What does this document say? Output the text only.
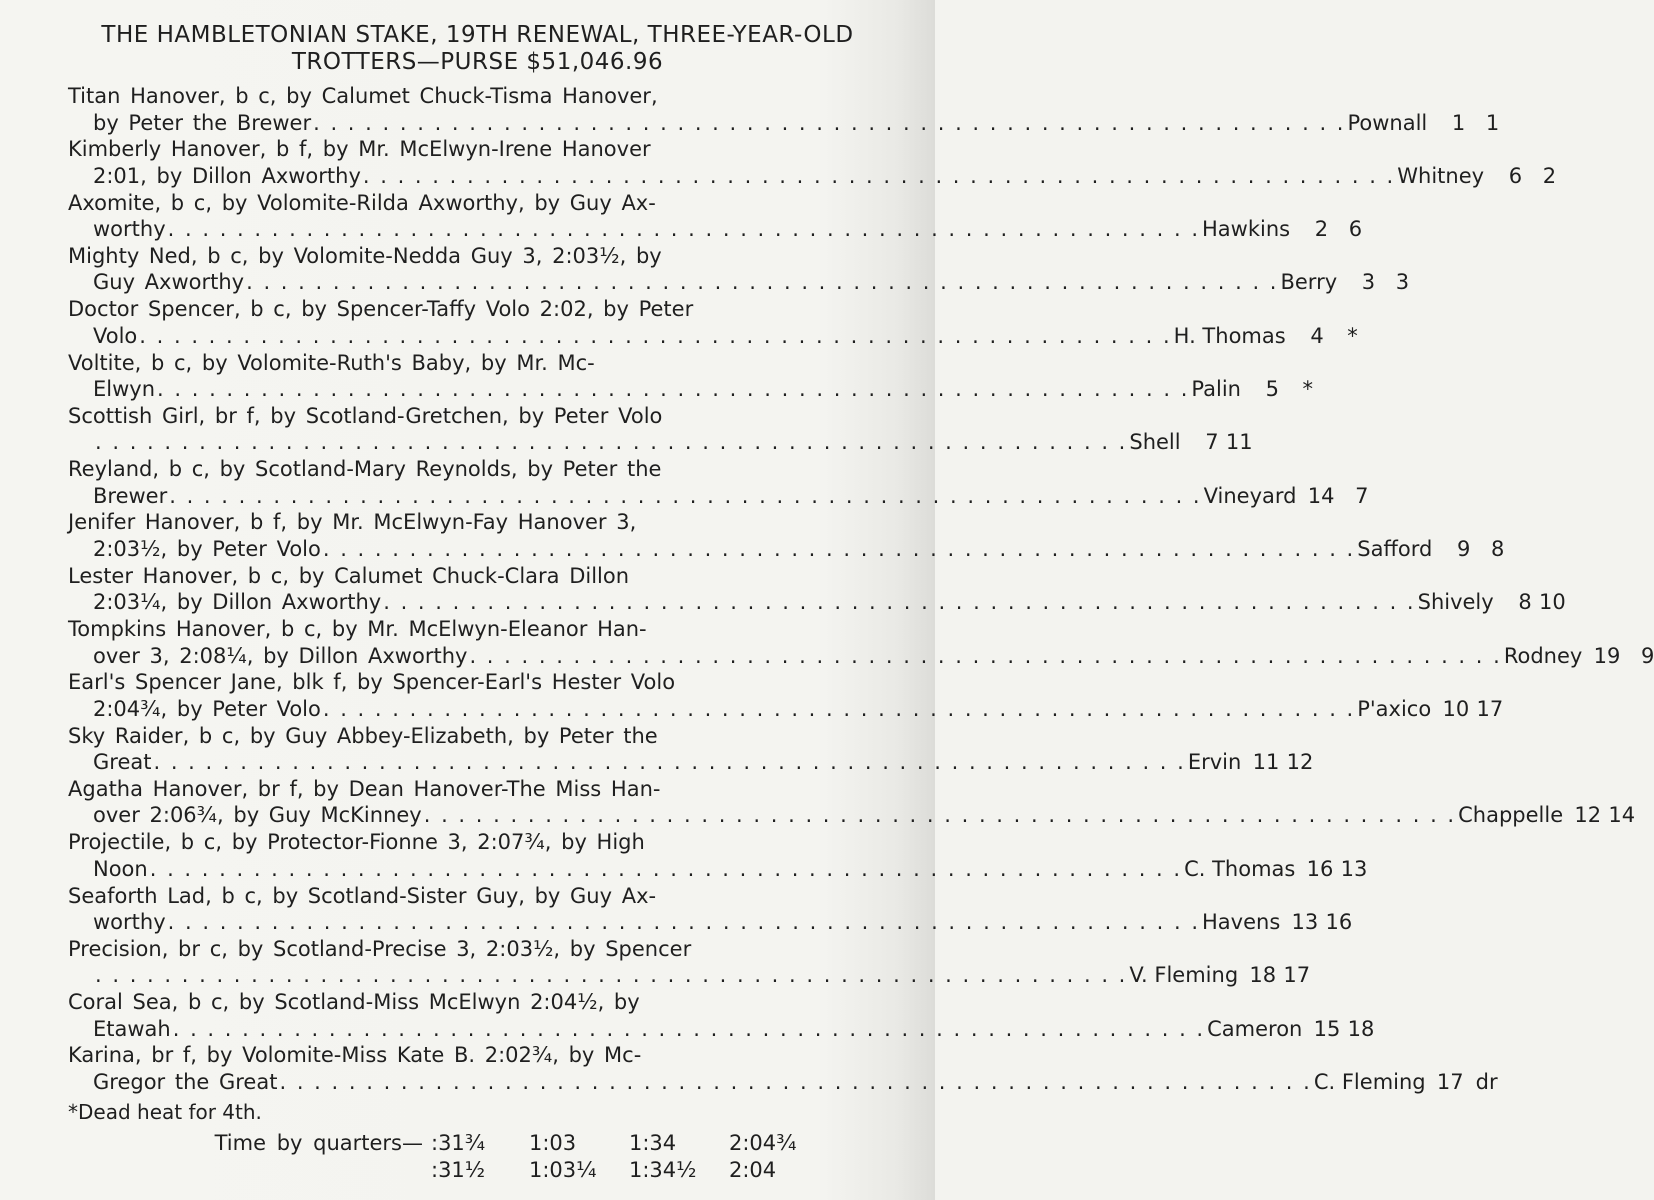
THE HAMBLETONIAN STAKE, 19TH RENEWAL, THREE-YEAR-OLD
TROTTERS—PURSE $51,046.96
Titan Hanover, b c, by Calumet Chuck-Tisma Hanover,
by Peter the Brewer . . . . . . . . . . . . . . . . . . . . . . . . . . . . . . . . . . . . . . . . . . . . . . . . . . . . . . . . . . . . Pownall	1 1
Kimberly Hanover, b f, by Mr. McElwyn-Irene Hanover
2:01, by Dillon Axworthy . . . . . . . . . . . . . . . . . . . . . . . . . . . . . . . . . . . . . . . . . . . . . . . . . . . . . . . . . . . . Whitney	6 2
Axomite, b c, by Volomite-Rilda Axworthy, by Guy Ax-
worthy . . . . . . . . . . . . . . . . . . . . . . . . . . . . . . . . . . . . . . . . . . . . . . . . . . . . . . . . . . . . Hawkins	2 6
Mighty Ned, b c, by Volomite-Nedda Guy 3, 2:03½, by
Guy Axworthy . . . . . . . . . . . . . . . . . . . . . . . . . . . . . . . . . . . . . . . . . . . . . . . . . . . . . . . . . . . . Berry	3 3
Doctor Spencer, b c, by Spencer-Taffy Volo 2:02, by Peter
Volo . . . . . . . . . . . . . . . . . . . . . . . . . . . . . . . . . . . . . . . . . . . . . . . . . . . . . . . . . . . . H. Thomas	4	*
Voltite, b c, by Volomite-Ruth's Baby, by Mr. Mc-
Elwyn . . . . . . . . . . . . . . . . . . . . . . . . . . . . . . . . . . . . . . . . . . . . . . . . . . . . . . . . . . . . Palin	5	*
Scottish Girl, br f, by Scotland-Gretchen, by Peter Volo
. . . . . . . . . . . . . . . . . . . . . . . . . . . . . . . . . . . . . . . . . . . . . . . . . . . . . . . . . . . . Shell	7 11
Reyland, b c, by Scotland-Mary Reynolds, by Peter the
Brewer . . . . . . . . . . . . . . . . . . . . . . . . . . . . . . . . . . . . . . . . . . . . . . . . . . . . . . . . . . . . Vineyard 14 7
Jenifer Hanover, b f, by Mr. McElwyn-Fay Hanover 3,
2:03½, by Peter Volo . . . . . . . . . . . . . . . . . . . . . . . . . . . . . . . . . . . . . . . . . . . . . . . . . . . . . . . . . . . . Safford	9 8
Lester Hanover, b c, by Calumet Chuck-Clara Dillon
2:03¼, by Dillon Axworthy . . . . . . . . . . . . . . . . . . . . . . . . . . . . . . . . . . . . . . . . . . . . . . . . . . . . . . . . . . . . Shively	8 10
Tompkins Hanover, b c, by Mr. McElwyn-Eleanor Han-
over 3, 2:08¼, by Dillon Axworthy . . . . . . . . . . . . . . . . . . . . . . . . . . . . . . . . . . . . . . . . . . . . . . . . . . . . . . . . . . . . Rodney 19 9
Earl's Spencer Jane, blk f, by Spencer-Earl's Hester Volo
2:04¾, by Peter Volo . . . . . . . . . . . . . . . . . . . . . . . . . . . . . . . . . . . . . . . . . . . . . . . . . . . . . . . . . . . . P'axico 10 17
Sky Raider, b c, by Guy Abbey-Elizabeth, by Peter the
Great . . . . . . . . . . . . . . . . . . . . . . . . . . . . . . . . . . . . . . . . . . . . . . . . . . . . . . . . . . . . Ervin 11 12
Agatha Hanover, br f, by Dean Hanover-The Miss Han-
over 2:06¾, by Guy McKinney . . . . . . . . . . . . . . . . . . . . . . . . . . . . . . . . . . . . . . . . . . . . . . . . . . . . . . . . . . . . Chappelle 12 14
Projectile, b c, by Protector-Fionne 3, 2:07¾, by High
Noon . . . . . . . . . . . . . . . . . . . . . . . . . . . . . . . . . . . . . . . . . . . . . . . . . . . . . . . . . . . . C. Thomas 16 13
Seaforth Lad, b c, by Scotland-Sister Guy, by Guy Ax-
worthy . . . . . . . . . . . . . . . . . . . . . . . . . . . . . . . . . . . . . . . . . . . . . . . . . . . . . . . . . . . . Havens 13 16
Precision, br c, by Scotland-Precise 3, 2:03½, by Spencer
. . . . . . . . . . . . . . . . . . . . . . . . . . . . . . . . . . . . . . . . . . . . . . . . . . . . . . . . . . . . V. Fleming 18 17
Coral Sea, b c, by Scotland-Miss McElwyn 2:04½, by
Etawah . . . . . . . . . . . . . . . . . . . . . . . . . . . . . . . . . . . . . . . . . . . . . . . . . . . . . . . . . . . . Cameron 15 18
Karina, br f, by Volomite-Miss Kate B. 2:02¾, by Mc-
Gregor the Great . . . . . . . . . . . . . . . . . . . . . . . . . . . . . . . . . . . . . . . . . . . . . . . . . . . . . . . . . . . . C. Fleming 17 dr
*Dead heat for 4th.
Time by quarters— :31¾ 1:03	1:34	2:04¾
:31½ 1:03¼ 1:34½ 2:04
